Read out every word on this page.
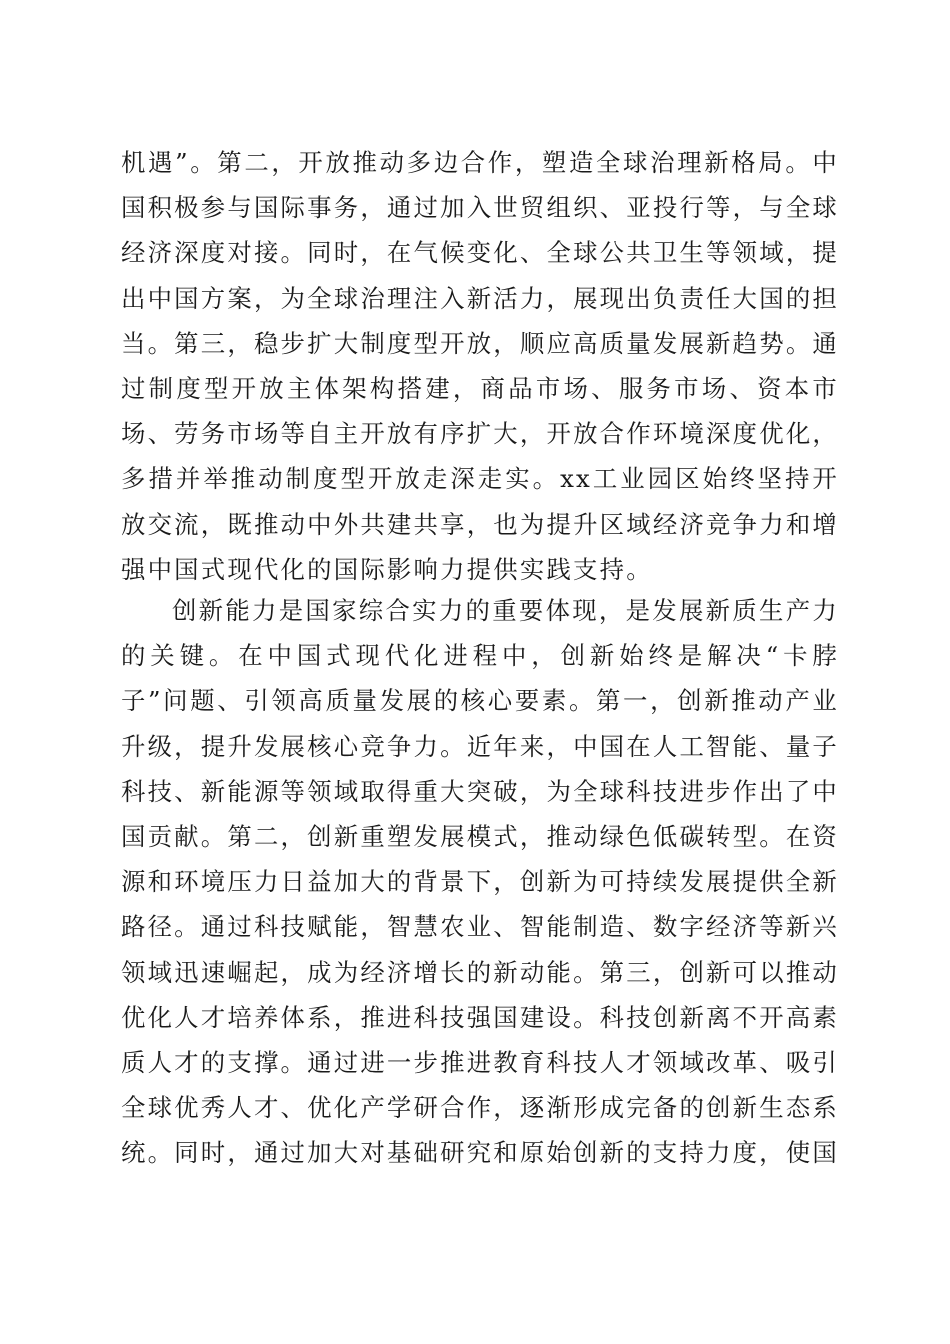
机遇”。第二，开放推动多边合作，塑造全球治理新格局。中国积极参与国际事务，通过加入世贸组织、亚投行等，与全球经济深度对接。同时，在气候变化、全球公共卫生等领域，提出中国方案，为全球治理注入新活力，展现出负责任大国的担当。第三，稳步扩大制度型开放，顺应高质量发展新趋势。通过制度型开放主体架构搭建，商品市场、服务市场、资本市场、劳务市场等自主开放有序扩大，开放合作环境深度优化，多措并举推动制度型开放走深走实。xx工业园区始终坚持开放交流，既推动中外共建共享，也为提升区域经济竞争力和增强中国式现代化的国际影响力提供实践支持。

创新能力是国家综合实力的重要体现，是发展新质生产力的关键。在中国式现代化进程中，创新始终是解决“卡脖子”问题、引领高质量发展的核心要素。第一，创新推动产业升级，提升发展核心竞争力。近年来，中国在人工智能、量子科技、新能源等领域取得重大突破，为全球科技进步作出了中国贡献。第二，创新重塑发展模式，推动绿色低碳转型。在资源和环境压力日益加大的背景下，创新为可持续发展提供全新路径。通过科技赋能，智慧农业、智能制造、数字经济等新兴领域迅速崛起，成为经济增长的新动能。第三，创新可以推动优化人才培养体系，推进科技强国建设。科技创新离不开高素质人才的支撑。通过进一步推进教育科技人才领域改革、吸引全球优秀人才、优化产学研合作，逐渐形成完备的创新生态系统。同时，通过加大对基础研究和原始创新的支持力度，使国
